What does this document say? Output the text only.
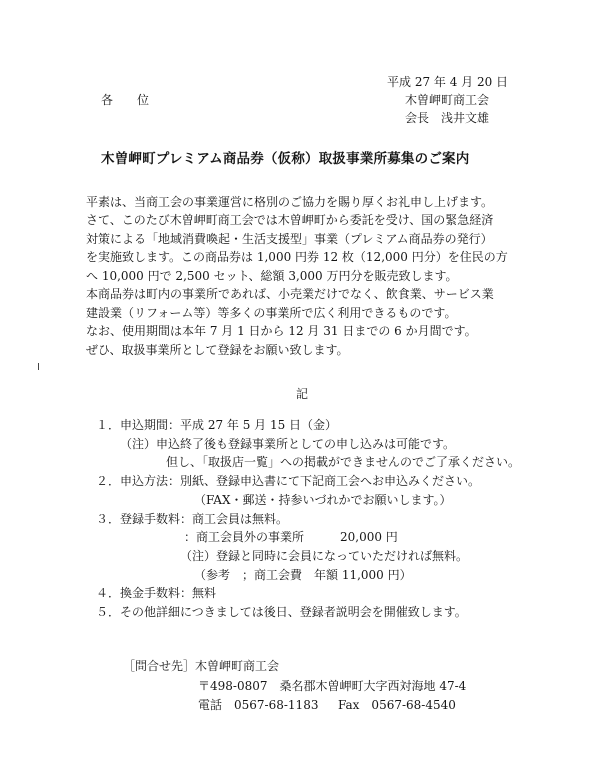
平成 27 年 4 月 20 日
各　　位	木曽岬町商工会
会長　浅井文雄
木曽岬町プレミアム商品券（仮称）取扱事業所募集のご案内
平素は、当商工会の事業運営に格別のご協力を賜り厚くお礼申し上げます。
さて、このたび木曽岬町商工会では木曽岬町から委託を受け、国の緊急経済
対策による「地域消費喚起・生活支援型」事業（プレミアム商品券の発行）
を実施致します。この商品券は 1,000 円券 12 枚（12,000 円分）を住民の方
へ 10,000 円で 2,500 セット、総額 3,000 万円分を販売致します。
本商品券は町内の事業所であれば、小売業だけでなく、飲食業、サービス業
建設業（リフォーム等）等多くの事業所で広く利用できるものです。
なお、使用期間は本年 7 月 1 日から 12 月 31 日までの 6 か月間です。
ぜひ、取扱事業所として登録をお願い致します。
記
１．申込期間：平成 27 年 5 月 15 日（金）
（注）申込終了後も登録事業所としての申し込みは可能です。
但し、「取扱店一覧」への掲載ができませんのでご了承ください。
２．申込方法：別紙、登録申込書にて下記商工会へお申込みください。
（FAX・郵送・持参いづれかでお願いします。）
３．登録手数料：商工会員は無料。
：商工会員外の事業所　　　20,000 円
（注）登録と同時に会員になっていただければ無料。
（参考　；商工会費　年額 11,000 円）
４．換金手数料：無料
５．その他詳細につきましては後日、登録者説明会を開催致します。
［問合せ先］ 木曽岬町商工会
〒498-0807　桑名郡木曽岬町大字西対海地 47-4
電話　0567-68-1183 Fax　0567-68-4540
